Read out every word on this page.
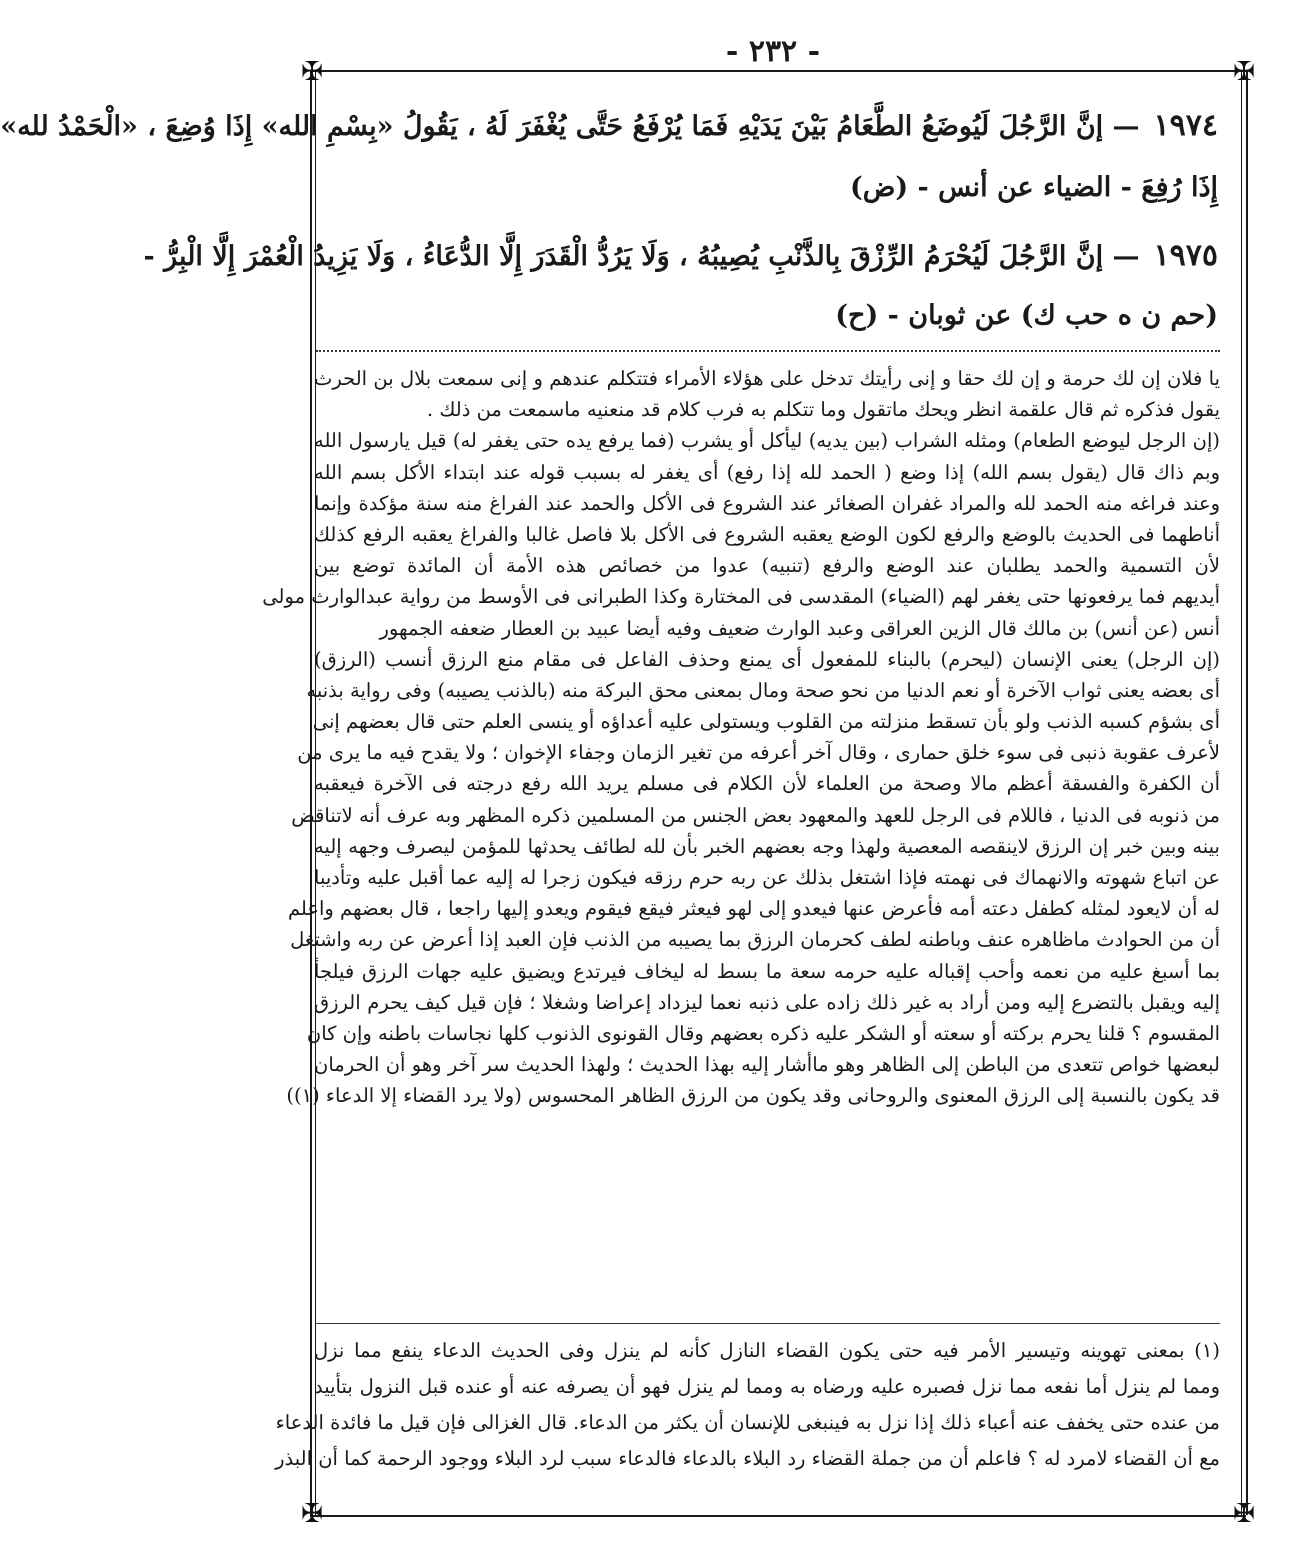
- ٢٣٢ -
✠	✠
✠	✠
١٩٧٤— إنَّ الرَّجُلَ لَيُوضَعُ الطَّعَامُ بَيْنَ يَدَيْهِ فَمَا يُرْفَعُ حَتَّى يُغْفَرَ لَهُ ، يَقُولُ «بِسْمِ الله» إِذَا وُضِعَ ، «الْحَمْدُ لله»
إِذَا رُفِعَ - الضياء عن أنس - (ض)
١٩٧٥— إنَّ الرَّجُلَ لَيُحْرَمُ الرِّزْقَ بِالذَّنْبِ يُصِيبُهُ ، وَلَا يَرُدُّ الْقَدَرَ إِلَّا الدُّعَاءُ ، وَلَا يَزِيدُ الْعُمْرَ إِلَّا الْبِرُّ -
(حم ن ه حب ك) عن ثوبان - (ح)
يا فلان إن لك حرمة و إن لك حقا و إنى رأيتك تدخل على هؤلاء الأمراء فتتكلم عندهم و إنى سمعت بلال بن الحرث
يقول فذكره ثم قال علقمة انظر ويحك ماتقول وما تتكلم به فرب كلام قد منعنيه ماسمعت من ذلك .
(إن الرجل ليوضع الطعام) ومثله الشراب (بين يديه) ليأكل أو يشرب (فما يرفع يده حتى يغفر له) قيل يارسول الله
وبم ذاك قال (يقول بسم الله) إذا وضع ( الحمد لله إذا رفع) أى يغفر له بسبب قوله عند ابتداء الأكل بسم الله
وعند فراغه منه الحمد لله والمراد غفران الصغائر عند الشروع فى الأكل والحمد عند الفراغ منه سنة مؤكدة وإنما
أناطهما فى الحديث بالوضع والرفع لكون الوضع يعقبه الشروع فى الأكل بلا فاصل غالبا والفراغ يعقبه الرفع كذلك
لأن التسمية والحمد يطلبان عند الوضع والرفع (تنبيه) عدوا من خصائص هذه الأمة أن المائدة توضع بين
أيديهم فما يرفعونها حتى يغفر لهم (الضياء) المقدسى فى المختارة وكذا الطبرانى فى الأوسط من رواية عبدالوارث مولى
أنس (عن أنس) بن مالك قال الزين العراقى وعبد الوارث ضعيف وفيه أيضا عبيد بن العطار ضعفه الجمهور
(إن الرجل) يعنى الإنسان (ليحرم) بالبناء للمفعول أى يمنع وحذف الفاعل فى مقام منع الرزق أنسب (الرزق)
أى بعضه يعنى ثواب الآخرة أو نعم الدنيا من نحو صحة ومال بمعنى محق البركة منه (بالذنب يصيبه) وفى رواية بذنبه
أى بشؤم كسبه الذنب ولو بأن تسقط منزلته من القلوب ويستولى عليه أعداؤه أو ينسى العلم حتى قال بعضهم إنى
لأعرف عقوبة ذنبى فى سوء خلق حمارى ، وقال آخر أعرفه من تغير الزمان وجفاء الإخوان ؛ ولا يقدح فيه ما يرى من
أن الكفرة والفسقة أعظم مالا وصحة من العلماء لأن الكلام فى مسلم يريد الله رفع درجته فى الآخرة فيعقبه
من ذنوبه فى الدنيا ، فاللام فى الرجل للعهد والمعهود بعض الجنس من المسلمين ذكره المظهر وبه عرف أنه لاتناقض
بينه وبين خبر إن الرزق لاينقصه المعصية ولهذا وجه بعضهم الخبر بأن لله لطائف يحدثها للمؤمن ليصرف وجهه إليه
عن اتباع شهوته والانهماك فى نهمته فإذا اشتغل بذلك عن ربه حرم رزقه فيكون زجرا له إليه عما أقبل عليه وتأديبا
له أن لايعود لمثله كطفل دعته أمه فأعرض عنها فيعدو إلى لهو فيعثر فيقع فيقوم ويعدو إليها راجعا ، قال بعضهم واعلم
أن من الحوادث ماظاهره عنف وباطنه لطف كحرمان الرزق بما يصيبه من الذنب فإن العبد إذا أعرض عن ربه واشتغل
بما أسبغ عليه من نعمه وأحب إقباله عليه حرمه سعة ما بسط له ليخاف فيرتدع ويضيق عليه جهات الرزق فيلجأ
إليه ويقبل بالتضرع إليه ومن أراد به غير ذلك زاده على ذنبه نعما ليزداد إعراضا وشغلا ؛ فإن قيل كيف يحرم الرزق
المقسوم ؟ قلنا يحرم بركته أو سعته أو الشكر عليه ذكره بعضهم وقال القونوى الذنوب كلها نجاسات باطنه وإن كان
لبعضها خواص تتعدى من الباطن إلى الظاهر وهو ماأشار إليه بهذا الحديث ؛ ولهذا الحديث سر آخر وهو أن الحرمان
قد يكون بالنسبة إلى الرزق المعنوى والروحانى وقد يكون من الرزق الظاهر المحسوس (ولا يرد القضاء إلا الدعاء (١))
(١) بمعنى تهوينه وتيسير الأمر فيه حتى يكون القضاء النازل كأنه لم ينزل وفى الحديث الدعاء ينفع مما نزل
ومما لم ينزل أما نفعه مما نزل فصبره عليه ورضاه به ومما لم ينزل فهو أن يصرفه عنه أو عنده قبل النزول بتأييد
من عنده حتى يخفف عنه أعباء ذلك إذا نزل به فينبغى للإنسان أن يكثر من الدعاء. قال الغزالى فإن قيل ما فائدة الدعاء
مع أن القضاء لامرد له ؟ فاعلم أن من جملة القضاء رد البلاء بالدعاء فالدعاء سبب لرد البلاء ووجود الرحمة كما أن البذر
